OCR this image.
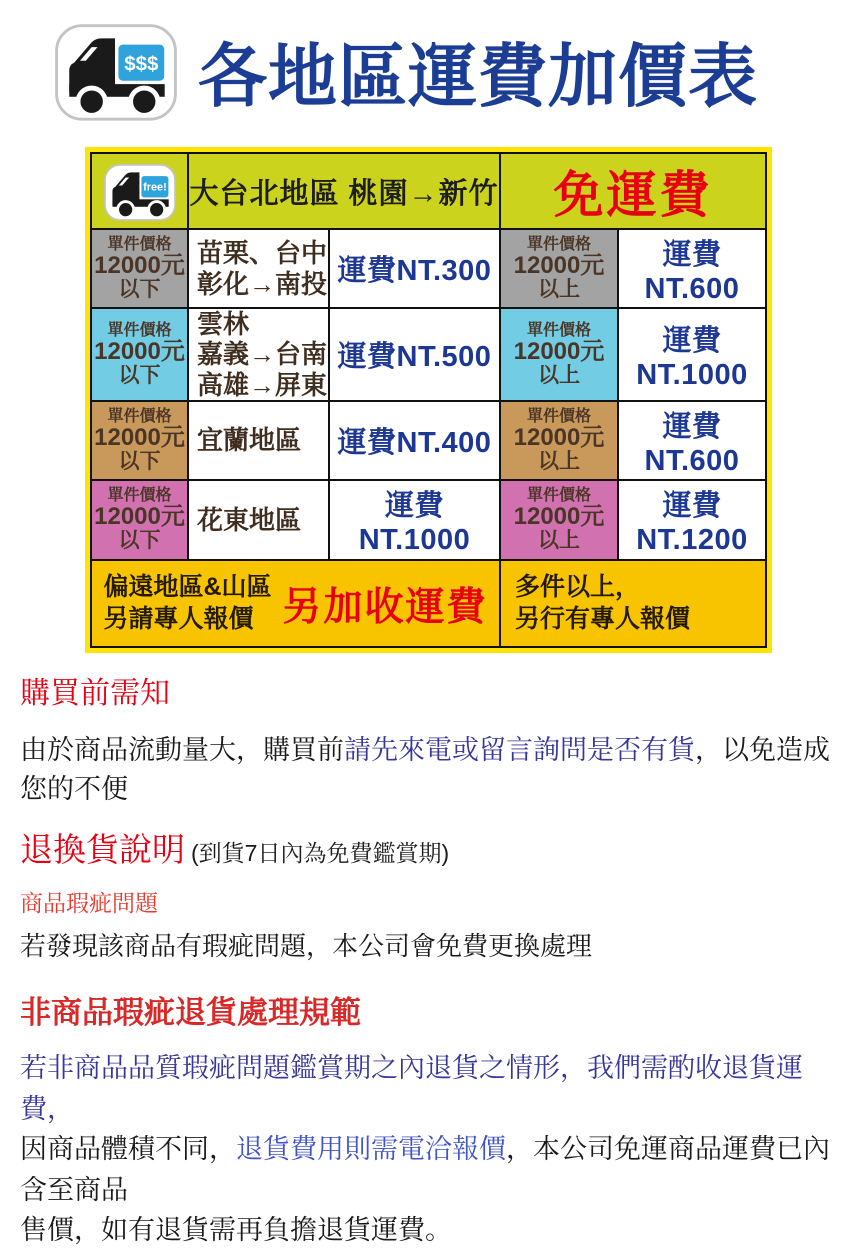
$$$ 各地區運費加價表
free! 大台北地區 桃園→新竹	免運費
單件價格
12000元
以下
苗栗、台中
彰化→南投 運費NT.300
單件價格
12000元
以上
運費NT.600
單件價格
12000元
以下
雲林
嘉義→台南
高雄→屏東
運費NT.500
單件價格
12000元
以上
運費NT.1000
單件價格
12000元
以下
宜蘭地區 運費NT.400
單件價格
12000元
以上
運費NT.600
單件價格
12000元
以下
花東地區	運費NT.1000
單件價格
12000元
以上
運費NT.1200
偏遠地區&山區
另請專人報價 另加收運費 多件以上，
另行有專人報價
購買前需知
由於商品流動量大，購買前請先來電或留言詢問是否有貨，以免造成您的不便
退換貨說明 (到貨7日內為免費鑑賞期)
商品瑕疵問題
若發現該商品有瑕疵問題，本公司會免費更換處理
非商品瑕疵退貨處理規範
若非商品品質瑕疵問題鑑賞期之內退貨之情形，我們需酌收退貨運費，
因商品體積不同，退貨費用則需電洽報價，本公司免運商品運費已內含至商品
售價，如有退貨需再負擔退貨運費。
